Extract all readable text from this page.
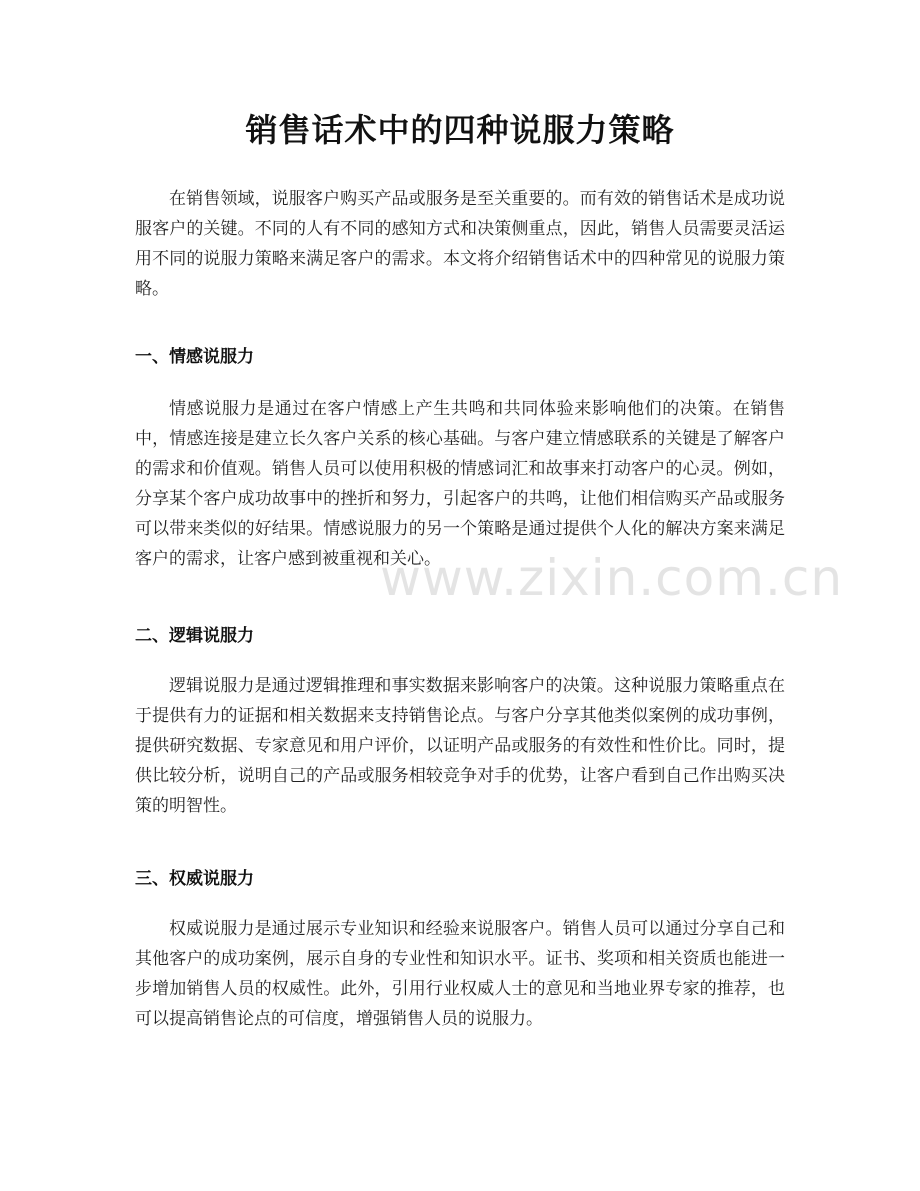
销售话术中的四种说服力策略

在销售领域，说服客户购买产品或服务是至关重要的。而有效的销售话术是成功说服客户的关键。不同的人有不同的感知方式和决策侧重点，因此，销售人员需要灵活运用不同的说服力策略来满足客户的需求。本文将介绍销售话术中的四种常见的说服力策略。

一、情感说服力

情感说服力是通过在客户情感上产生共鸣和共同体验来影响他们的决策。在销售中，情感连接是建立长久客户关系的核心基础。与客户建立情感联系的关键是了解客户的需求和价值观。销售人员可以使用积极的情感词汇和故事来打动客户的心灵。例如，分享某个客户成功故事中的挫折和努力，引起客户的共鸣，让他们相信购买产品或服务可以带来类似的好结果。情感说服力的另一个策略是通过提供个人化的解决方案来满足客户的需求，让客户感到被重视和关心。

二、逻辑说服力

逻辑说服力是通过逻辑推理和事实数据来影响客户的决策。这种说服力策略重点在于提供有力的证据和相关数据来支持销售论点。与客户分享其他类似案例的成功事例，提供研究数据、专家意见和用户评价，以证明产品或服务的有效性和性价比。同时，提供比较分析，说明自己的产品或服务相较竞争对手的优势，让客户看到自己作出购买决策的明智性。

三、权威说服力

权威说服力是通过展示专业知识和经验来说服客户。销售人员可以通过分享自己和其他客户的成功案例，展示自身的专业性和知识水平。证书、奖项和相关资质也能进一步增加销售人员的权威性。此外，引用行业权威人士的意见和当地业界专家的推荐，也可以提高销售论点的可信度，增强销售人员的说服力。

www.zixin.com.cn
